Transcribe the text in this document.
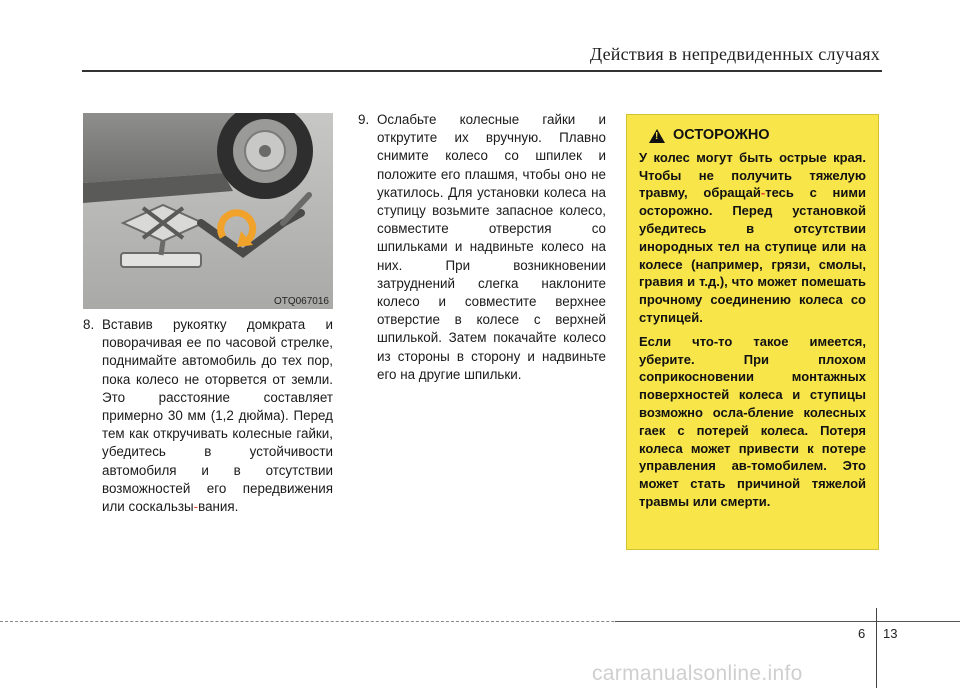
Действия в непредвиденных случаях
OTQ067016
8. Вставив рукоятку домкрата и поворачивая ее по часовой стрелке, поднимайте автомобиль до тех пор, пока колесо не оторвется от земли. Это расстояние составляет примерно 30 мм (1,2 дюйма). Перед тем как откручивать колесные гайки, убедитесь в устойчивости автомобиля и в отсутствии возможностей его передвижения или соскальзы-вания.
9. Ослабьте колесные гайки и открутите их вручную. Плавно снимите колесо со шпилек и положите его плашмя, чтобы оно не укатилось. Для установки колеса на ступицу возьмите запасное колесо, совместите отверстия со шпильками и надвиньте колесо на них. При возникновении затруднений слегка наклоните колесо и совместите верхнее отверстие в колесе с верхней шпилькой. Затем покачайте колесо из стороны в сторону и надвиньте его на другие шпильки.
! ОСТОРОЖНО

У колес могут быть острые края. Чтобы не получить тяжелую травму, обращай-тесь с ними осторожно. Перед установкой убедитесь в отсутствии инородных тел на ступице или на колесе (например, грязи, смолы, гравия и т.д.), что может помешать прочному соединению колеса со ступицей.

Если что-то такое имеется, уберите. При плохом соприкосновении монтажных поверхностей колеса и ступицы возможно осла-бление колесных гаек с потерей колеса. Потеря колеса может привести к потере управления ав-томобилем. Это может стать причиной тяжелой травмы или смерти.

6 13
carmanualsonline.info
